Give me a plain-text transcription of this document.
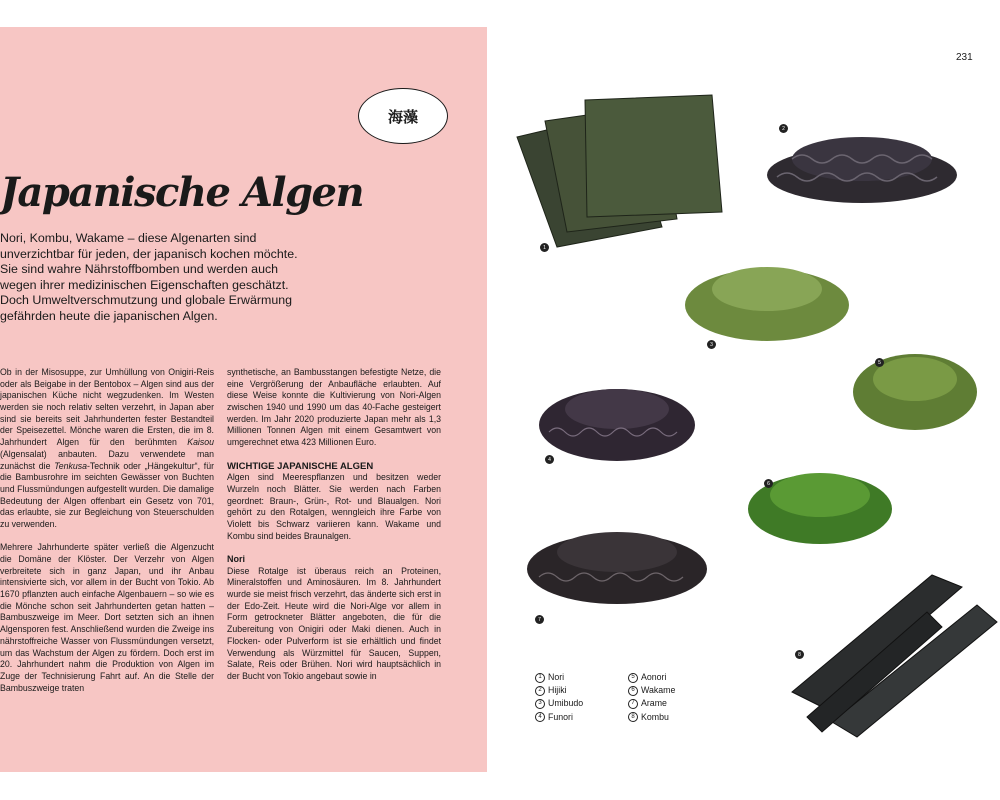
231
海藻
Japanische Algen

Nori, Kombu, Wakame – diese Algenarten sind unverzichtbar für jeden, der japanisch kochen möchte. Sie sind wahre Nährstoffbomben und werden auch wegen ihrer medizinischen Eigenschaften geschätzt. Doch Umweltverschmutzung und globale Erwärmung gefährden heute die japanischen Algen.

Ob in der Misosuppe, zur Umhüllung von Onigiri-Reis oder als Beigabe in der Bentobox – Algen sind aus der japanischen Küche nicht wegzudenken. Im Westen werden sie noch relativ selten verzehrt, in Japan aber sind sie bereits seit Jahrhunderten fester Bestandteil der Speisezettel. Mönche waren die Ersten, die im 8. Jahrhundert Algen für den berühmten Kaisou (Algensalat) anbauten. Dazu verwendete man zunächst die Tenkusa-Technik oder „Hängekultur“, für die Bambusrohre im seichten Gewässer von Buchten und Flussmündungen aufgestellt wurden. Die damalige Bedeutung der Algen offenbart ein Gesetz von 701, das erlaubte, sie zur Begleichung von Steuerschulden zu verwenden.

Mehrere Jahrhunderte später verließ die Algenzucht die Domäne der Klöster. Der Verzehr von Algen verbreitete sich in ganz Japan, und ihr Anbau intensivierte sich, vor allem in der Bucht von Tokio. Ab 1670 pflanzten auch einfache Algenbauern – so wie es die Mönche schon seit Jahrhunderten getan hatten – Bambuszweige im Meer. Dort setzten sich an ihnen Algensporen fest. Anschließend wurden die Zweige ins nährstoffreiche Wasser von Flussmündungen versetzt, um das Wachstum der Algen zu fördern. Doch erst im 20. Jahrhundert nahm die Produktion von Algen im Zuge der Technisierung Fahrt auf. An die Stelle der Bambuszweige traten

synthetische, an Bambusstangen befestigte Netze, die eine Vergrößerung der Anbaufläche erlaubten. Auf diese Weise konnte die Kultivierung von Nori-Algen zwischen 1940 und 1990 um das 40-Fache gesteigert werden. Im Jahr 2020 produzierte Japan mehr als 1,3 Millionen Tonnen Algen mit einem Gesamtwert von umgerechnet etwa 423 Millionen Euro.

WICHTIGE JAPANISCHE ALGEN

Algen sind Meerespflanzen und besitzen weder Wurzeln noch Blätter. Sie werden nach Farben geordnet: Braun-, Grün-, Rot- und Blaualgen. Nori gehört zu den Rotalgen, wenngleich ihre Farbe von Violett bis Schwarz variieren kann. Wakame und Kombu sind beides Braunalgen.

Nori

Diese Rotalge ist überaus reich an Proteinen, Mineralstoffen und Aminosäuren. Im 8. Jahrhundert wurde sie meist frisch verzehrt, das änderte sich erst in der Edo-Zeit. Heute wird die Nori-Alge vor allem in Form getrockneter Blätter angeboten, die für die Zubereitung von Onigiri oder Maki dienen. Auch in Flocken- oder Pulverform ist sie erhältlich und findet Verwendung als Würzmittel für Saucen, Suppen, Salate, Reis oder Brühen. Nori wird hauptsächlich in der Bucht von Tokio angebaut sowie in

1
2
3
4
5
6
7
8
1 Nori
2 Hijiki
3 Umibudo
4 Funori
5 Aonori
6 Wakame
7 Arame
8 Kombu
